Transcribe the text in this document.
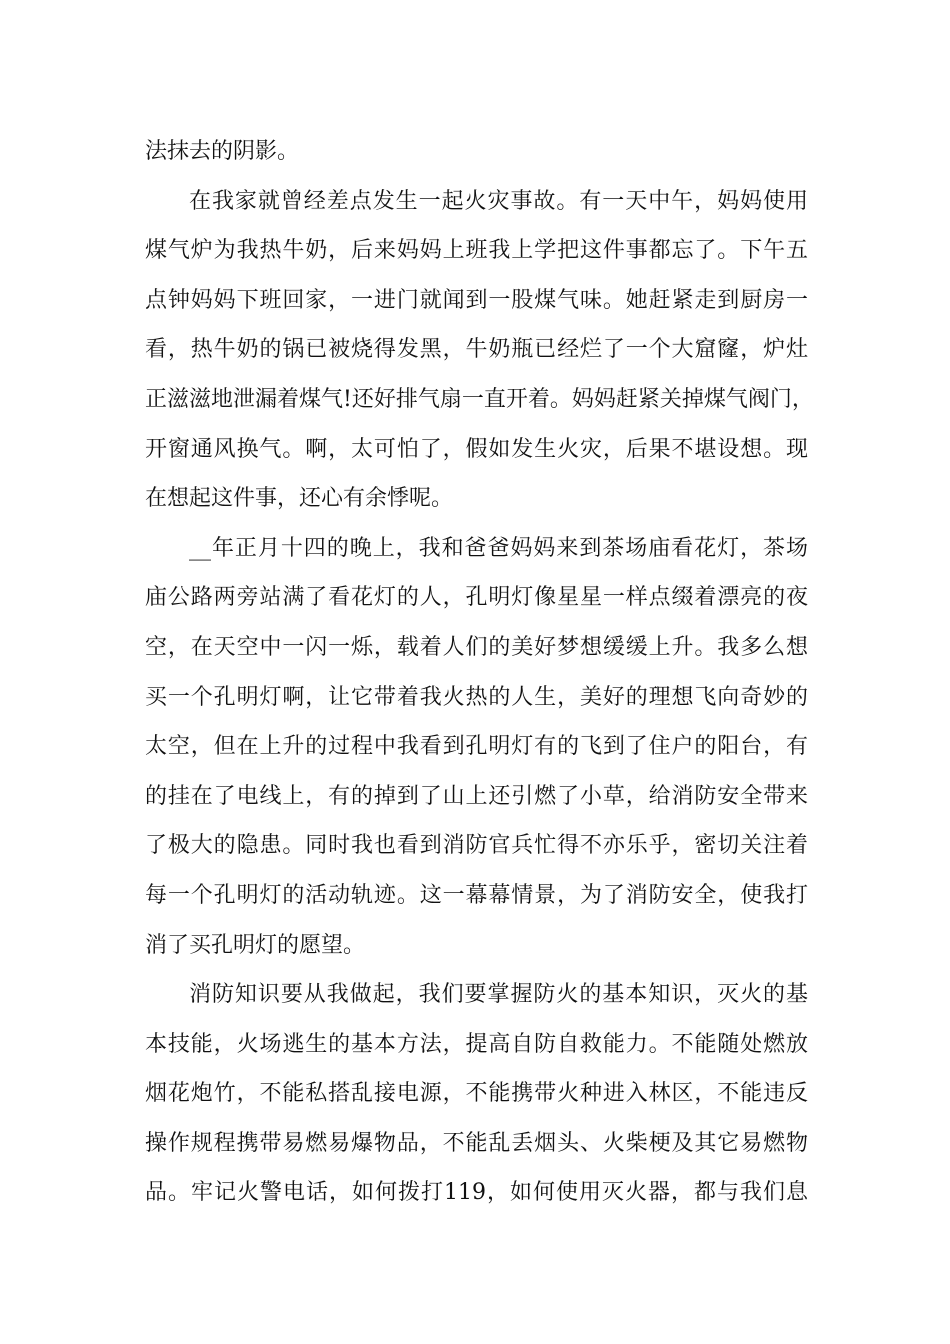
法抹去的阴影。
在我家就曾经差点发生一起火灾事故。有一天中午，妈妈使用
煤气炉为我热牛奶，后来妈妈上班我上学把这件事都忘了。下午五
点钟妈妈下班回家，一进门就闻到一股煤气味。她赶紧走到厨房一
看，热牛奶的锅已被烧得发黑，牛奶瓶已经烂了一个大窟窿，炉灶
正滋滋地泄漏着煤气!还好排气扇一直开着。妈妈赶紧关掉煤气阀门，
开窗通风换气。啊，太可怕了，假如发生火灾，后果不堪设想。现
在想起这件事，还心有余悸呢。
__年正月十四的晚上，我和爸爸妈妈来到茶场庙看花灯，茶场
庙公路两旁站满了看花灯的人，孔明灯像星星一样点缀着漂亮的夜
空，在天空中一闪一烁，载着人们的美好梦想缓缓上升。我多么想
买一个孔明灯啊，让它带着我火热的人生，美好的理想飞向奇妙的
太空，但在上升的过程中我看到孔明灯有的飞到了住户的阳台，有
的挂在了电线上，有的掉到了山上还引燃了小草，给消防安全带来
了极大的隐患。同时我也看到消防官兵忙得不亦乐乎，密切关注着
每一个孔明灯的活动轨迹。这一幕幕情景，为了消防安全，使我打
消了买孔明灯的愿望。
消防知识要从我做起，我们要掌握防火的基本知识，灭火的基
本技能，火场逃生的基本方法，提高自防自救能力。不能随处燃放
烟花炮竹，不能私搭乱接电源，不能携带火种进入林区，不能违反
操作规程携带易燃易爆物品，不能乱丢烟头、火柴梗及其它易燃物
品。牢记火警电话，如何拨打119，如何使用灭火器，都与我们息
